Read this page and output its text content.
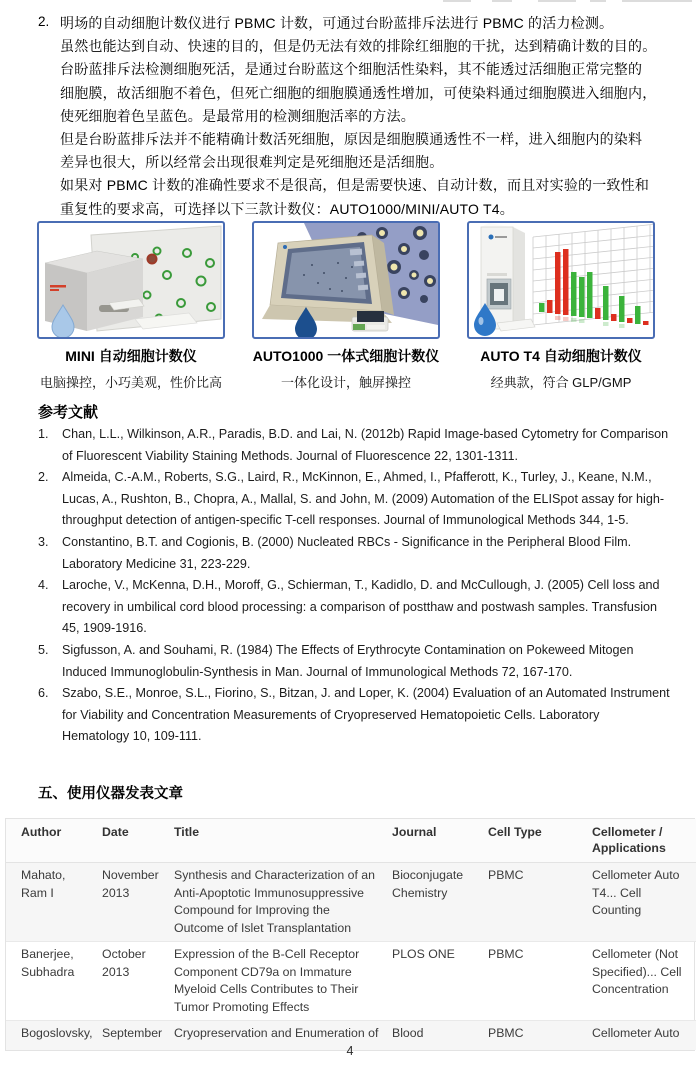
2. 明场的自动细胞计数仪进行 PBMC 计数，可通过台盼蓝排斥法进行 PBMC 的活力检测。
虽然也能达到自动、快速的目的，但是仍无法有效的排除红细胞的干扰，达到精确计数的目的。
台盼蓝排斥法检测细胞死活，是通过台盼蓝这个细胞活性染料，其不能透过活细胞正常完整的
细胞膜，故活细胞不着色，但死亡细胞的细胞膜通透性增加，可使染料通过细胞膜进入细胞内，
使死细胞着色呈蓝色。是最常用的检测细胞活率的方法。
但是台盼蓝排斥法并不能精确计数活死细胞，原因是细胞膜通透性不一样，进入细胞内的染料
差异也很大，所以经常会出现很难判定是死细胞还是活细胞。
如果对 PBMC 计数的准确性要求不是很高，但是需要快速、自动计数，而且对实验的一致性和
重复性的要求高，可选择以下三款计数仪：AUTO1000/MINI/AUTO T4。
MINI 自动细胞计数仪
电脑操控，小巧美观，性价比高
AUTO1000 一体式细胞计数仪
一体化设计，触屏操控
AUTO T4 自动细胞计数仪
经典款，符合 GLP/GMP
参考文献
1.	Chan, L.L., Wilkinson, A.R., Paradis, B.D. and Lai, N. (2012b) Rapid Image-based Cytometry for Comparison of Fluorescent Viability Staining Methods. Journal of Fluorescence 22, 1301-1311.
2.	Almeida, C.-A.M., Roberts, S.G., Laird, R., McKinnon, E., Ahmed, I., Pfafferott, K., Turley, J., Keane, N.M., Lucas, A., Rushton, B., Chopra, A., Mallal, S. and John, M. (2009) Automation of the ELISpot assay for high-throughput detection of antigen-specific T-cell responses. Journal of Immunological Methods 344, 1-5.
3.	Constantino, B.T. and Cogionis, B. (2000) Nucleated RBCs - Significance in the Peripheral Blood Film. Laboratory Medicine 31, 223-229.
4.	Laroche, V., McKenna, D.H., Moroff, G., Schierman, T., Kadidlo, D. and McCullough, J. (2005) Cell loss and recovery in umbilical cord blood processing: a comparison of postthaw and postwash samples. Transfusion 45, 1909-1916.
5.	Sigfusson, A. and Souhami, R. (1984) The Effects of Erythrocyte Contamination on Pokeweed Mitogen Induced Immunoglobulin-Synthesis in Man. Journal of Immunological Methods 72, 167-170.
6.	Szabo, S.E., Monroe, S.L., Fiorino, S., Bitzan, J. and Loper, K. (2004) Evaluation of an Automated Instrument for Viability and Concentration Measurements of Cryopreserved Hematopoietic Cells. Laboratory Hematology 10, 109-111.
五、使用仪器发表文章
Author	Date	Title	Journal	Cell Type	Cellometer / Applications
Mahato, Ram I	November 2013	Synthesis and Characterization of an Anti-Apoptotic Immunosuppressive Compound for Improving the Outcome of Islet Transplantation	Bioconjugate Chemistry	PBMC	Cellometer Auto T4... Cell Counting
Banerjee, Subhadra	October 2013	Expression of the B-Cell Receptor Component CD79a on Immature Myeloid Cells Contributes to Their Tumor Promoting Effects	PLOS ONE	PBMC	Cellometer (Not Specified)... Cell Concentration
Bogoslovsky,	September	Cryopreservation and Enumeration of	Blood	PBMC	Cellometer Auto
4
